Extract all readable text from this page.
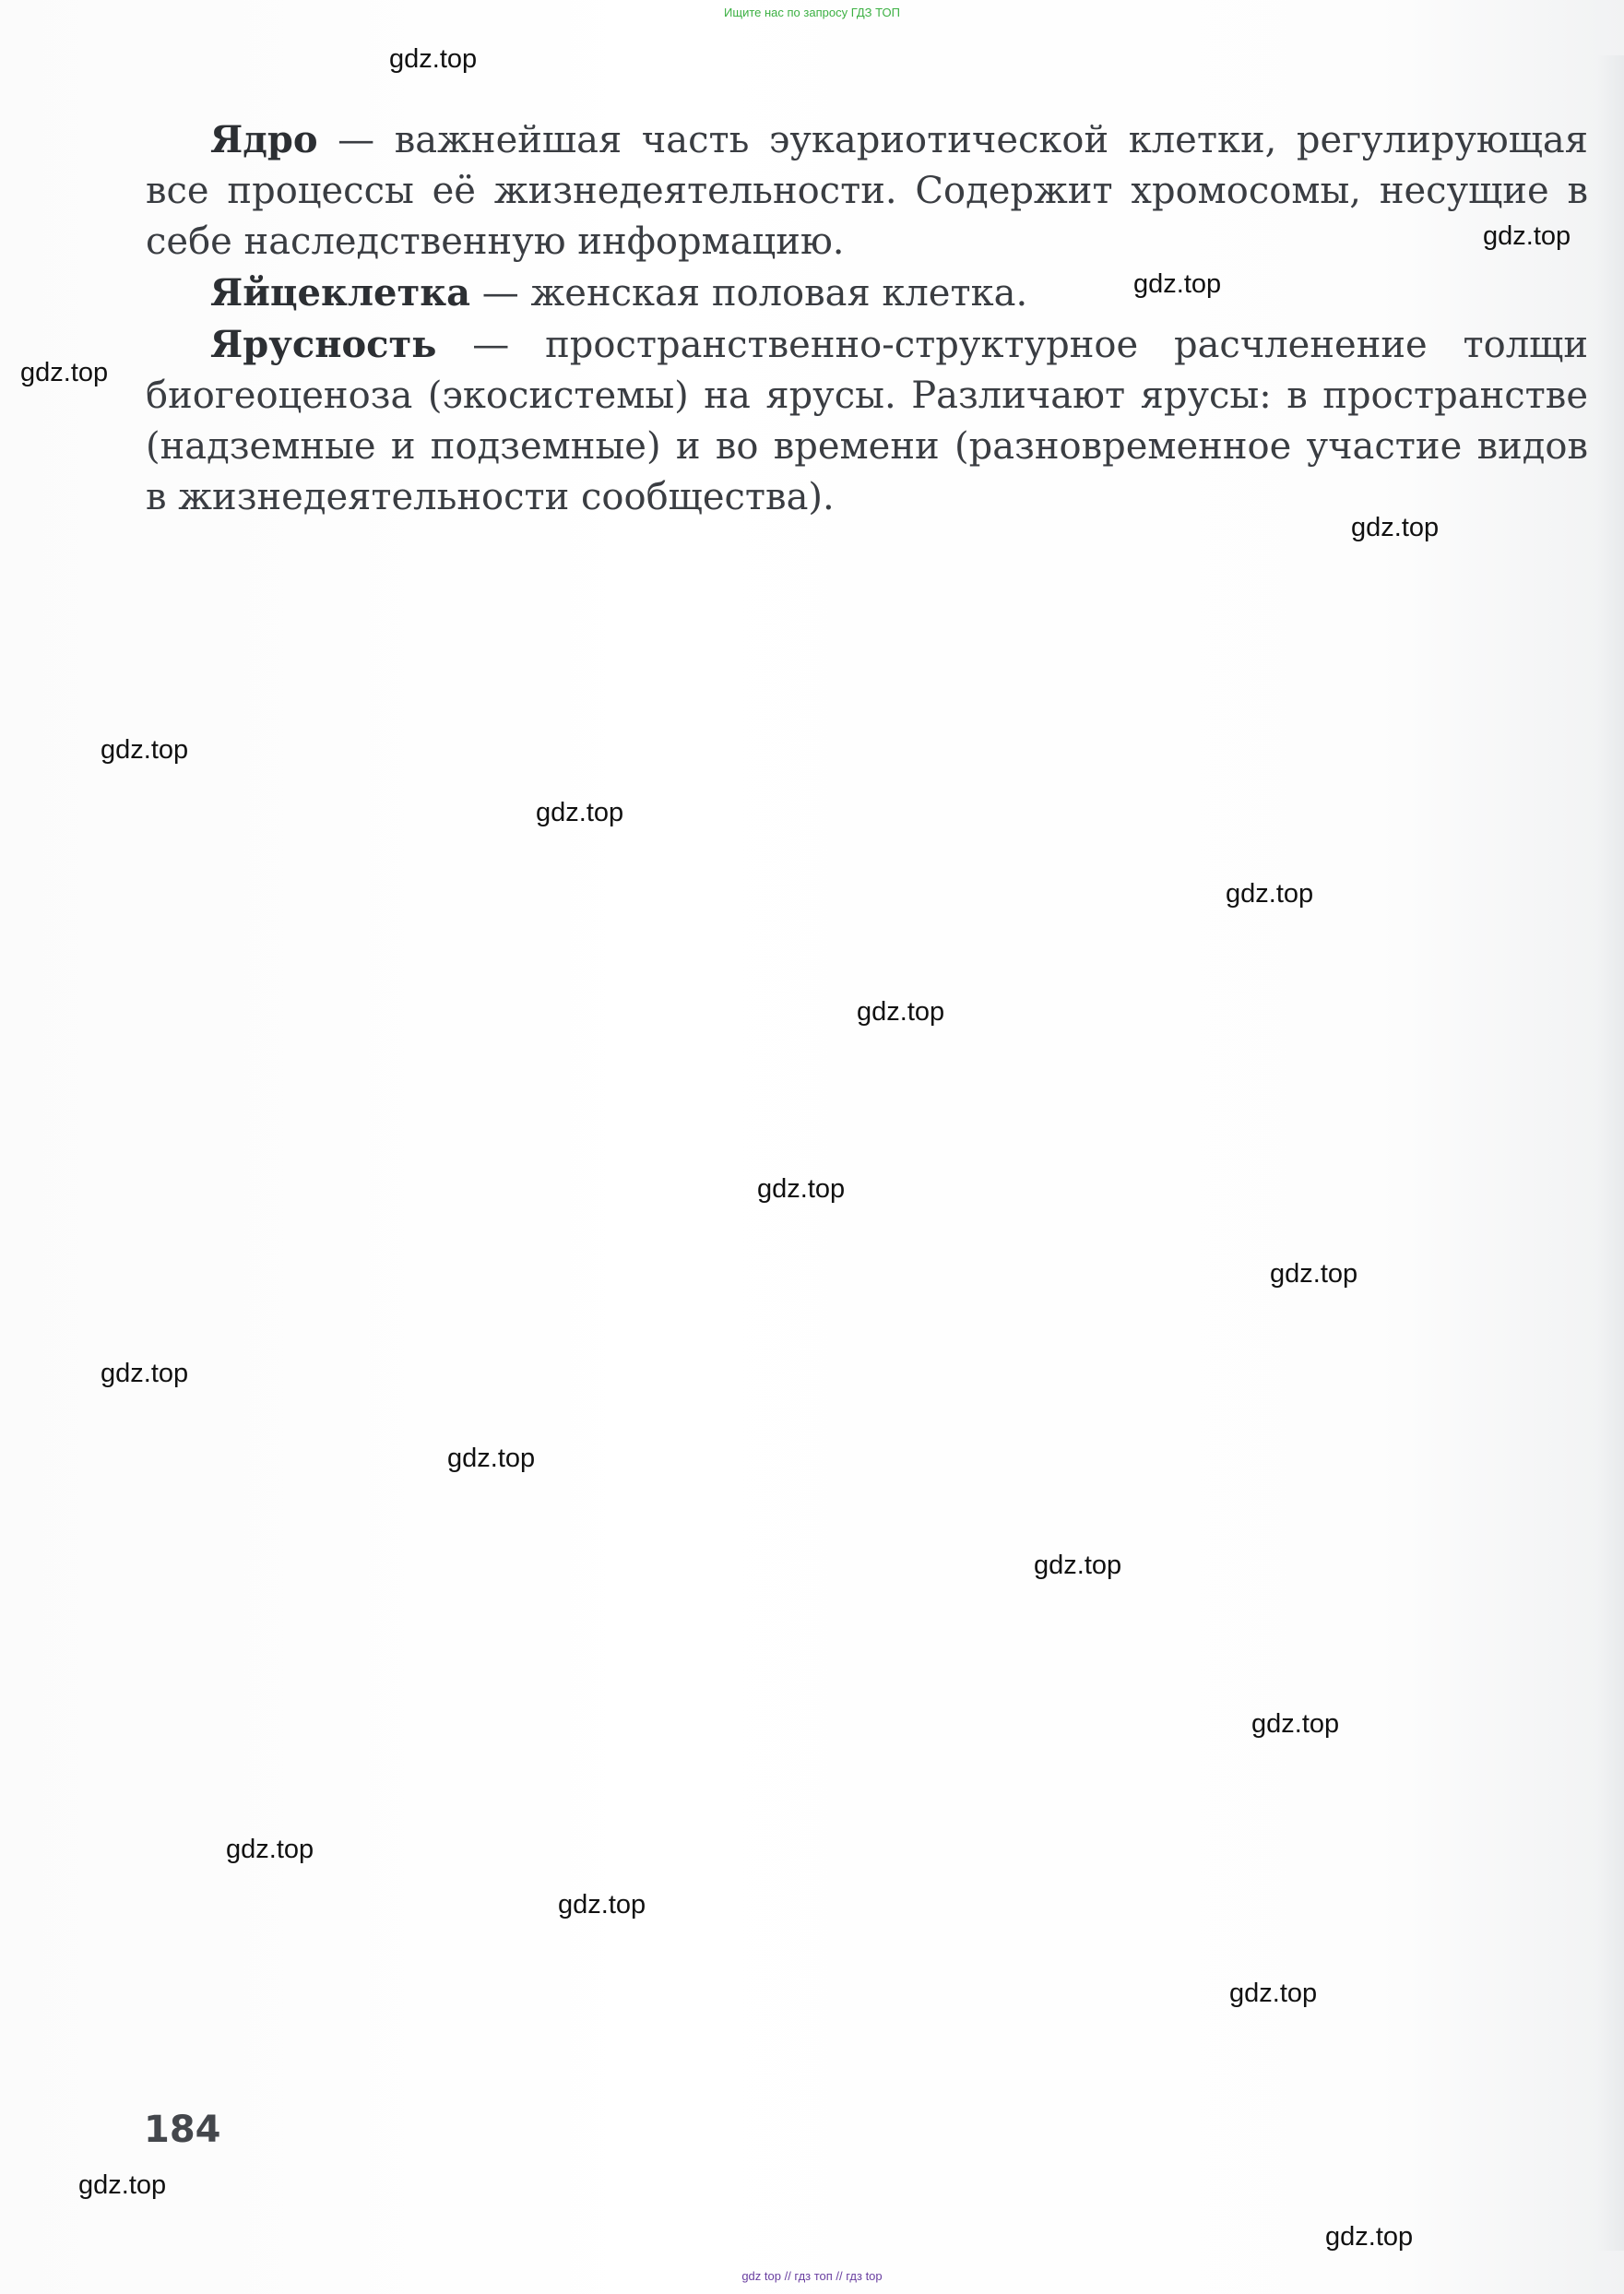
Ищите нас по запросу ГДЗ ТОП

Ядро — важнейшая часть эукариотической клетки, регулирующая все процессы её жизнедеятельности. Содержит хромосомы, несущие в себе наследственную информацию.

Яйцеклетка — женская половая клетка.

Ярусность — пространственно-структурное расчленение толщи биогеоценоза (экосистемы) на ярусы. Различают ярусы: в пространстве (надземные и подземные) и во времени (разновременное участие видов в жизнедеятельности сообщества).

184
gdz.top
gdz.top
gdz.top
gdz.top
gdz.top
gdz.top
gdz.top
gdz.top
gdz.top
gdz.top
gdz.top
gdz.top
gdz.top
gdz.top
gdz.top
gdz.top
gdz.top
gdz.top
gdz.top
gdz.top
gdz top // гдз топ // гдз top
